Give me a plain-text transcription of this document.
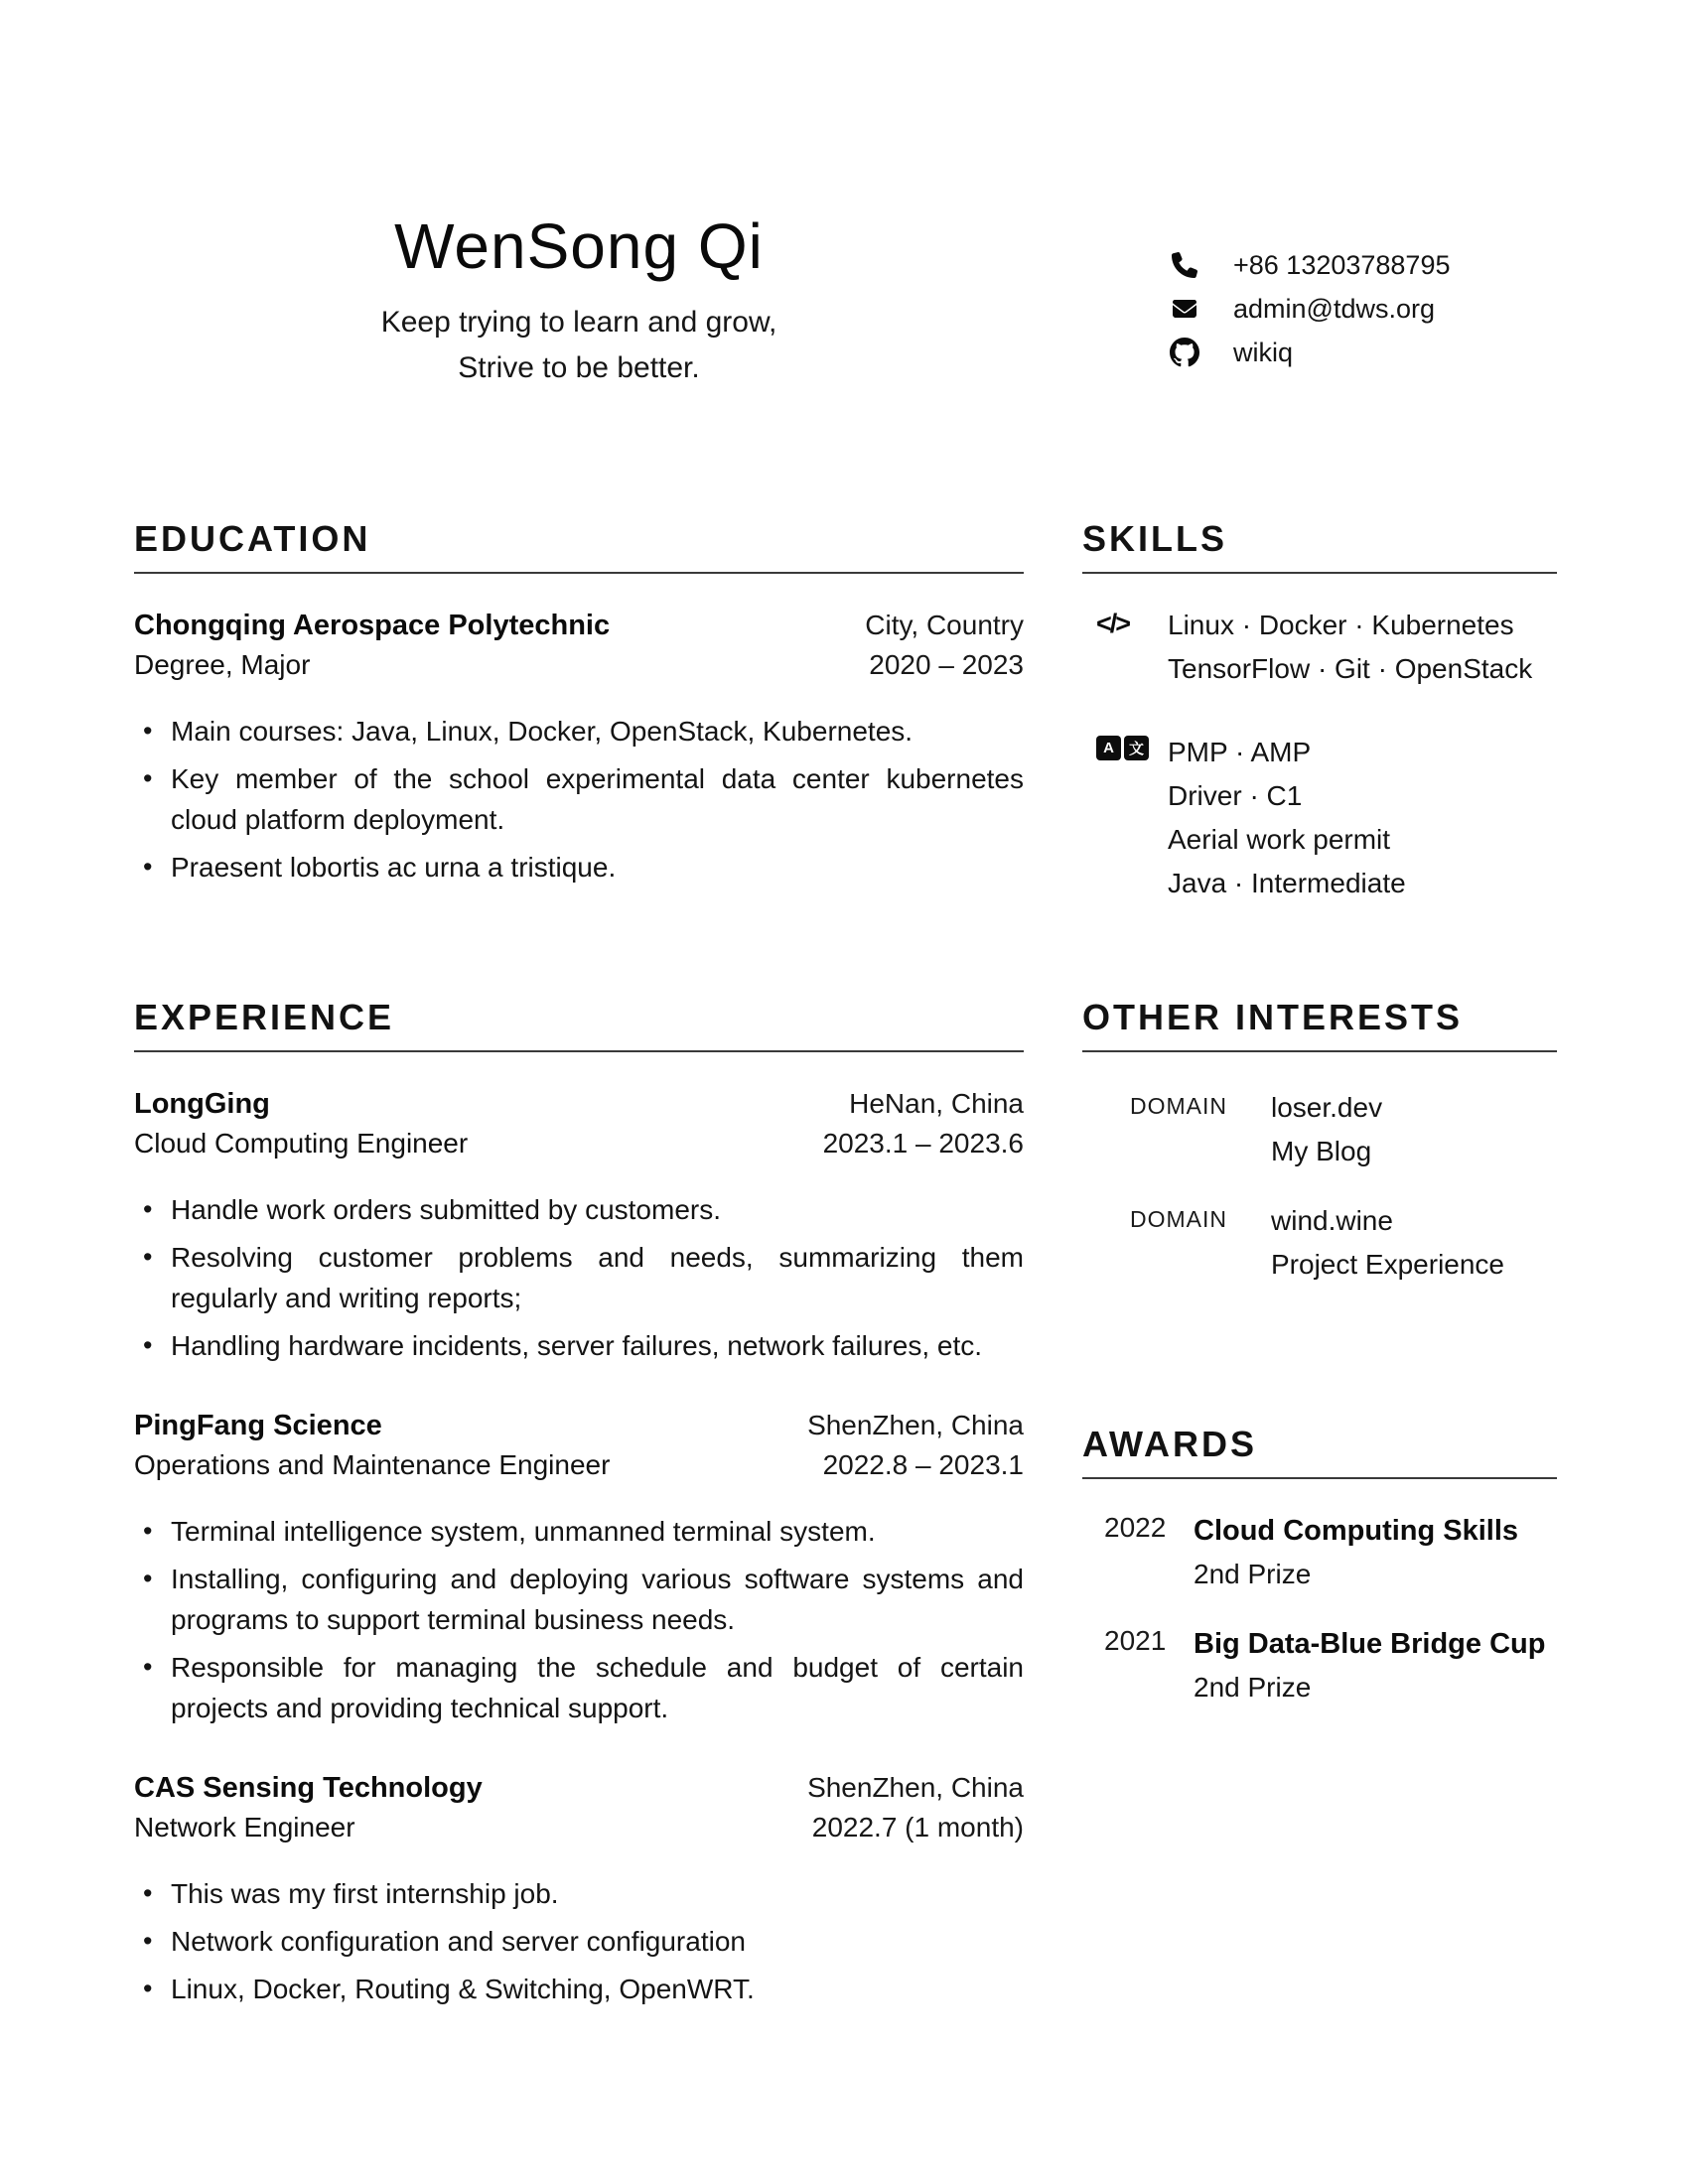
WenSong Qi
Keep trying to learn and grow,
Strive to be better.
+86 13203788795
admin@tdws.org
wikiq
EDUCATION
Chongqing Aerospace Polytechnic	City, Country
Degree, Major	2020 – 2023
• Main courses: Java, Linux, Docker, OpenStack, Kubernetes.
• Key member of the school experimental data center kubernetes cloud platform deployment.
• Praesent lobortis ac urna a tristique.
EXPERIENCE
LongGing	HeNan, China
Cloud Computing Engineer	2023.1 – 2023.6
• Handle work orders submitted by customers.
• Resolving customer problems and needs, summarizing them regularly and writing reports;
• Handling hardware incidents, server failures, network failures, etc.
PingFang Science	ShenZhen, China
Operations and Maintenance Engineer	2022.8 – 2023.1
• Terminal intelligence system, unmanned terminal system.
• Installing, configuring and deploying various software systems and programs to support terminal business needs.
• Responsible for managing the schedule and budget of certain projects and providing technical support.
CAS Sensing Technology	ShenZhen, China
Network Engineer	2022.7 (1 month)
• This was my first internship job.
• Network configuration and server configuration
• Linux, Docker, Routing & Switching, OpenWRT.
SKILLS
</>	Linux · Docker · Kubernetes
TensorFlow · Git · OpenStack
A	文 PMP · AMP
Driver · C1
Aerial work permit
Java · Intermediate
OTHER INTERESTS
DOMAIN	loser.dev
My Blog
DOMAIN	wind.wine
Project Experience
AWARDS
2022 Cloud Computing Skills
2nd Prize
2021 Big Data-Blue Bridge Cup
2nd Prize
